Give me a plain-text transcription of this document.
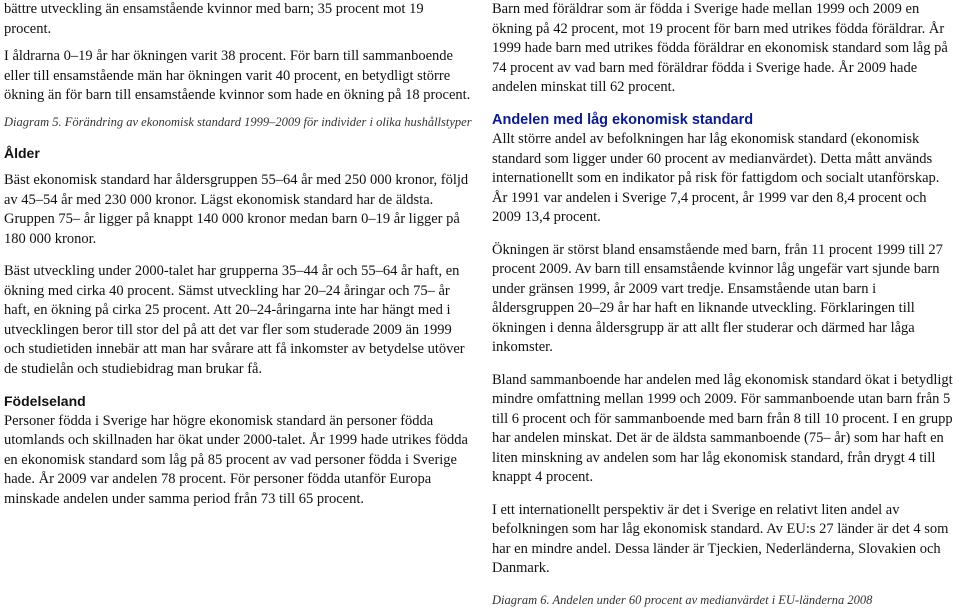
bättre utveckling än ensamstående kvinnor med barn; 35 procent mot 19 procent.

I åldrarna 0–19 år har ökningen varit 38 procent. För barn till sammanboende eller till ensamstående män har ökningen varit 40 procent, en betydligt större ökning än för barn till ensamstående kvinnor som hade en ökning på 18 procent.

Diagram 5. Förändring av ekonomisk standard 1999–2009 för individer i olika hushållstyper

Ålder

Bäst ekonomisk standard har åldersgruppen 55–64 år med 250 000 kronor, följd av 45–54 år med 230 000 kronor. Lägst ekonomisk standard har de äldsta. Gruppen 75– år ligger på knappt 140 000 kronor medan barn 0–19 år ligger på 180 000 kronor.

Bäst utveckling under 2000-talet har grupperna 35–44 år och 55–64 år haft, en ökning med cirka 40 procent. Sämst utveckling har 20–24 åringar och 75– år haft, en ökning på cirka 25 procent. Att 20–24-åringarna inte har hängt med i utvecklingen beror till stor del på att det var fler som studerade 2009 än 1999 och studietiden innebär att man har svårare att få inkomster av betydelse utöver de studielån och studiebidrag man brukar få.

Födelseland

Personer födda i Sverige har högre ekonomisk standard än personer födda utomlands och skillnaden har ökat under 2000-talet. År 1999 hade utrikes födda en ekonomisk standard som låg på 85 procent av vad personer födda i Sverige hade. År 2009 var andelen 78 procent. För personer födda utanför Europa minskade andelen under samma period från 73 till 65 procent.

Barn med föräldrar som är födda i Sverige hade mellan 1999 och 2009 en ökning på 42 procent, mot 19 procent för barn med utrikes födda föräldrar. År 1999 hade barn med utrikes födda föräldrar en ekonomisk standard som låg på 74 procent av vad barn med föräldrar födda i Sverige hade. År 2009 hade andelen minskat till 62 procent.

Andelen med låg ekonomisk standard

Allt större andel av befolkningen har låg ekonomisk standard (ekonomisk standard som ligger under 60 procent av medianvärdet). Detta mått används internationellt som en indikator på risk för fattigdom och socialt utanförskap. År 1991 var andelen i Sverige 7,4 procent, år 1999 var den 8,4 procent och 2009 13,4 procent.

Ökningen är störst bland ensamstående med barn, från 11 procent 1999 till 27 procent 2009. Av barn till ensamstående kvinnor låg ungefär vart sjunde barn under gränsen 1999, år 2009 vart tredje. Ensamstående utan barn i åldersgruppen 20–29 år har haft en liknande utveckling. Förklaringen till ökningen i denna åldersgrupp är att allt fler studerar och därmed har låga inkomster.

Bland sammanboende har andelen med låg ekonomisk standard ökat i betydligt mindre omfattning mellan 1999 och 2009. För sammanboende utan barn från 5 till 6 procent och för sammanboende med barn från 8 till 10 procent. I en grupp har andelen minskat. Det är de äldsta sammanboende (75– år) som har haft en liten minskning av andelen som har låg ekonomisk standard, från drygt 4 till knappt 4 procent.

I ett internationellt perspektiv är det i Sverige en relativt liten andel av befolkningen som har låg ekonomisk standard. Av EU:s 27 länder är det 4 som har en mindre andel. Dessa länder är Tjeckien, Nederländerna, Slovakien och Danmark.

Diagram 6. Andelen under 60 procent av medianvärdet i EU-länderna 2008
